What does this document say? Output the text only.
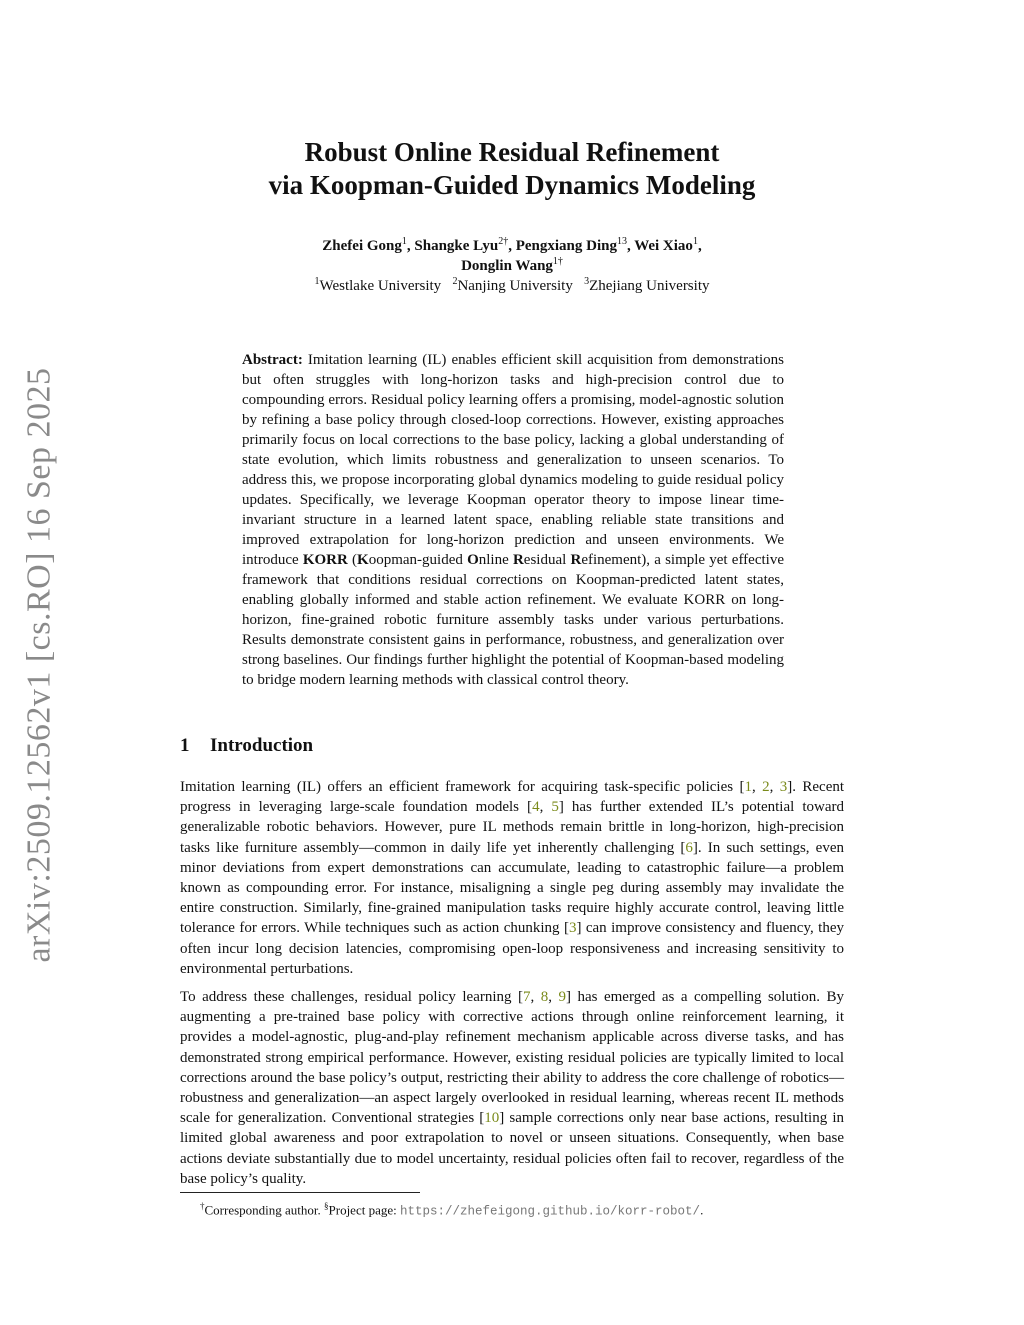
arXiv:2509.12562v1 [cs.RO] 16 Sep 2025
Robust Online Residual Refinement
via Koopman-Guided Dynamics Modeling
Zhefei Gong$^1$, Shangke Lyu$^{2\dagger}$, Pengxiang Ding$^{13}$, Wei Xiao$^1$,
Donglin Wang$^{1\dagger}$
$^1$Westlake University $^2$Nanjing University $^3$Zhejiang University
Abstract: Imitation learning (IL) enables efficient skill acquisition from demonstrations but often struggles with long-horizon tasks and high-precision control due to compounding errors. Residual policy learning offers a promising, model-agnostic solution by refining a base policy through closed-loop corrections. However, existing approaches primarily focus on local corrections to the base policy, lacking a global understanding of state evolution, which limits robustness and generalization to unseen scenarios. To address this, we propose incorporating global dynamics modeling to guide residual policy updates. Specifically, we leverage Koopman operator theory to impose linear time-invariant structure in a learned latent space, enabling reliable state transitions and improved extrapolation for long-horizon prediction and unseen environments. We introduce KORR (Koopman-guided Online Residual Refinement), a simple yet effective framework that conditions residual corrections on Koopman-predicted latent states, enabling globally informed and stable action refinement. We evaluate KORR on long-horizon, fine-grained robotic furniture assembly tasks under various perturbations. Results demonstrate consistent gains in performance, robustness, and generalization over strong baselines. Our findings further highlight the potential of Koopman-based modeling to bridge modern learning methods with classical control theory.
1 Introduction
Imitation learning (IL) offers an efficient framework for acquiring task-specific policies [1, 2, 3]. Recent progress in leveraging large-scale foundation models [4, 5] has further extended IL’s potential toward generalizable robotic behaviors. However, pure IL methods remain brittle in long-horizon, high-precision tasks like furniture assembly—common in daily life yet inherently challenging [6]. In such settings, even minor deviations from expert demonstrations can accumulate, leading to catastrophic failure—a problem known as compounding error. For instance, misaligning a single peg during assembly may invalidate the entire construction. Similarly, fine-grained manipulation tasks require highly accurate control, leaving little tolerance for errors. While techniques such as action chunking [3] can improve consistency and fluency, they often incur long decision latencies, compromising open-loop responsiveness and increasing sensitivity to environmental perturbations.
To address these challenges, residual policy learning [7, 8, 9] has emerged as a compelling solution. By augmenting a pre-trained base policy with corrective actions through online reinforcement learning, it provides a model-agnostic, plug-and-play refinement mechanism applicable across diverse tasks, and has demonstrated strong empirical performance. However, existing residual policies are typically limited to local corrections around the base policy’s output, restricting their ability to address the core challenge of robotics—robustness and generalization—an aspect largely overlooked in residual learning, whereas recent IL methods scale for generalization. Conventional strategies [10] sample corrections only near base actions, resulting in limited global awareness and poor extrapolation to novel or unseen situations. Consequently, when base actions deviate substantially due to model uncertainty, residual policies often fail to recover, regardless of the base policy’s quality.
†Corresponding author. §Project page: https://zhefeigong.github.io/korr-robot/.
